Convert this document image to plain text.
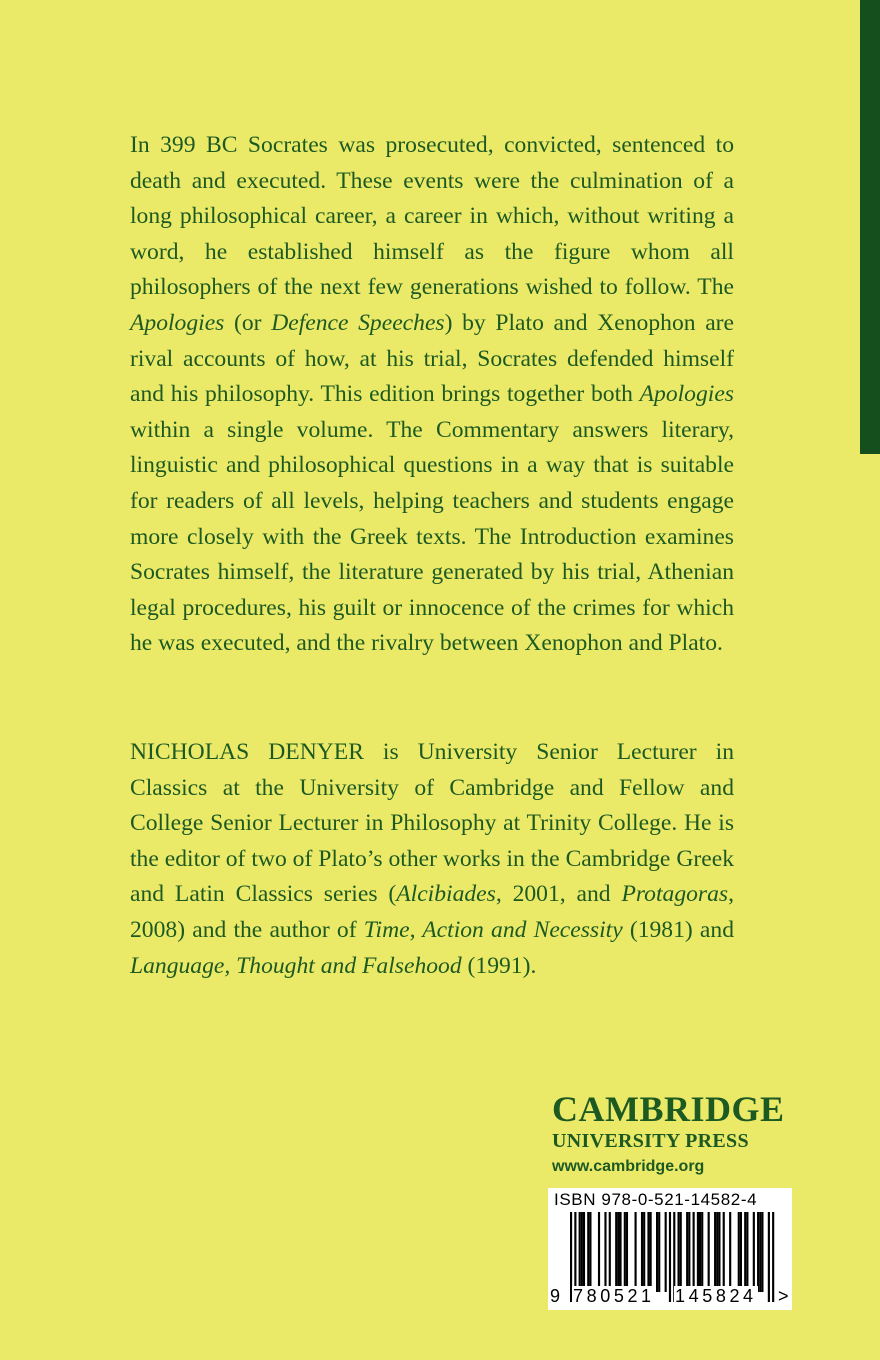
In 399 BC Socrates was prosecuted, convicted, sentenced to death and executed. These events were the culmination of a long philosophical career, a career in which, without writing a word, he established himself as the figure whom all philosophers of the next few generations wished to follow. The Apologies (or Defence Speeches) by Plato and Xenophon are rival accounts of how, at his trial, Socrates defended himself and his philosophy. This edition brings together both Apologies within a single volume. The Commentary answers literary, linguistic and philosophical questions in a way that is suitable for readers of all levels, helping teachers and students engage more closely with the Greek texts. The Introduction examines Socrates himself, the literature generated by his trial, Athenian legal procedures, his guilt or innocence of the crimes for which he was executed, and the rivalry between Xenophon and Plato.

NICHOLAS DENYER is University Senior Lecturer in Classics at the University of Cambridge and Fellow and College Senior Lecturer in Philosophy at Trinity College. He is the editor of two of Plato’s other works in the Cambridge Greek and Latin Classics series (Alcibiades, 2001, and Protagoras, 2008) and the author of Time, Action and Necessity (1981) and Language, Thought and Falsehood (1991).

CAMBRIDGE
UNIVERSITY PRESS
www.cambridge.org
ISBN 978-0-521-14582-4
9 780521 145824 >
